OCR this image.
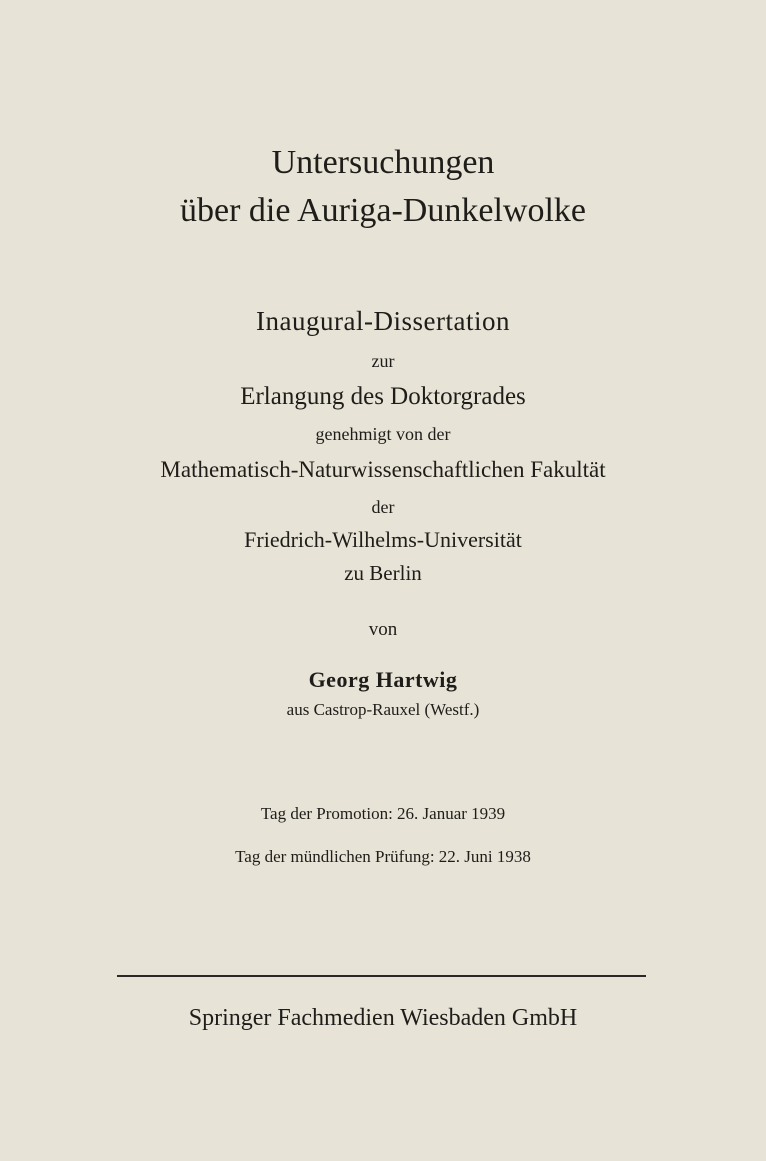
Untersuchungen
über die Auriga-Dunkelwolke
Inaugural-Dissertation
zur
Erlangung des Doktorgrades
genehmigt von der
Mathematisch-Naturwissenschaftlichen Fakultät
der
Friedrich-Wilhelms-Universität
zu Berlin
von
Georg Hartwig
aus Castrop-Rauxel (Westf.)
Tag der Promotion: 26. Januar 1939
Tag der mündlichen Prüfung: 22. Juni 1938
Springer Fachmedien Wiesbaden GmbH
